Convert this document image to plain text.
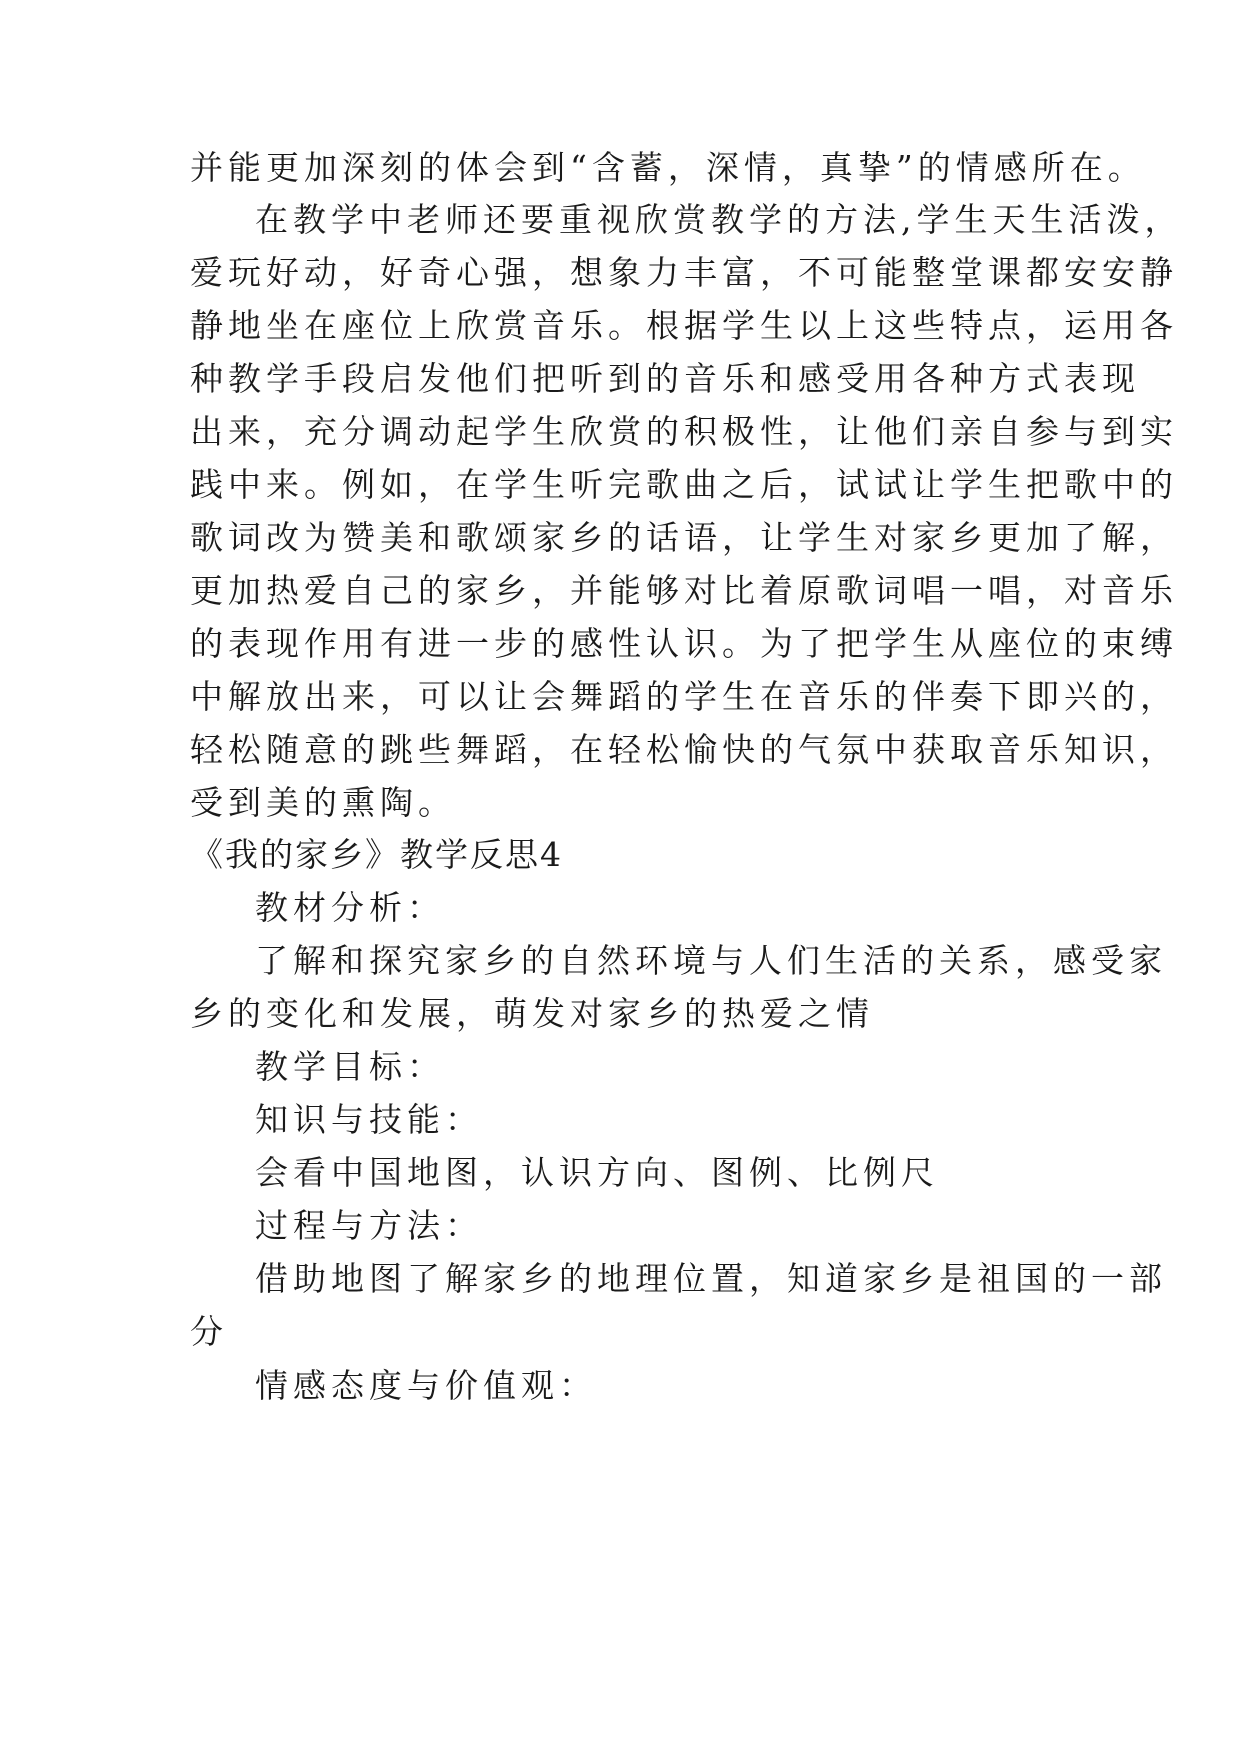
并能更加深刻的体会到“含蓄，深情，真挚”的情感所在。
在教学中老师还要重视欣赏教学的方法,学生天生活泼，
爱玩好动，好奇心强，想象力丰富，不可能整堂课都安安静
静地坐在座位上欣赏音乐。根据学生以上这些特点，运用各
种教学手段启发他们把听到的音乐和感受用各种方式表现
出来，充分调动起学生欣赏的积极性，让他们亲自参与到实
践中来。例如，在学生听完歌曲之后，试试让学生把歌中的
歌词改为赞美和歌颂家乡的话语，让学生对家乡更加了解，
更加热爱自己的家乡，并能够对比着原歌词唱一唱，对音乐
的表现作用有进一步的感性认识。为了把学生从座位的束缚
中解放出来，可以让会舞蹈的学生在音乐的伴奏下即兴的，
轻松随意的跳些舞蹈，在轻松愉快的气氛中获取音乐知识，
受到美的熏陶。
《我的家乡》教学反思4
教材分析：
了解和探究家乡的自然环境与人们生活的关系，感受家
乡的变化和发展，萌发对家乡的热爱之情
教学目标：
知识与技能：
会看中国地图，认识方向、图例、比例尺
过程与方法：
借助地图了解家乡的地理位置，知道家乡是祖国的一部
分
情感态度与价值观：
